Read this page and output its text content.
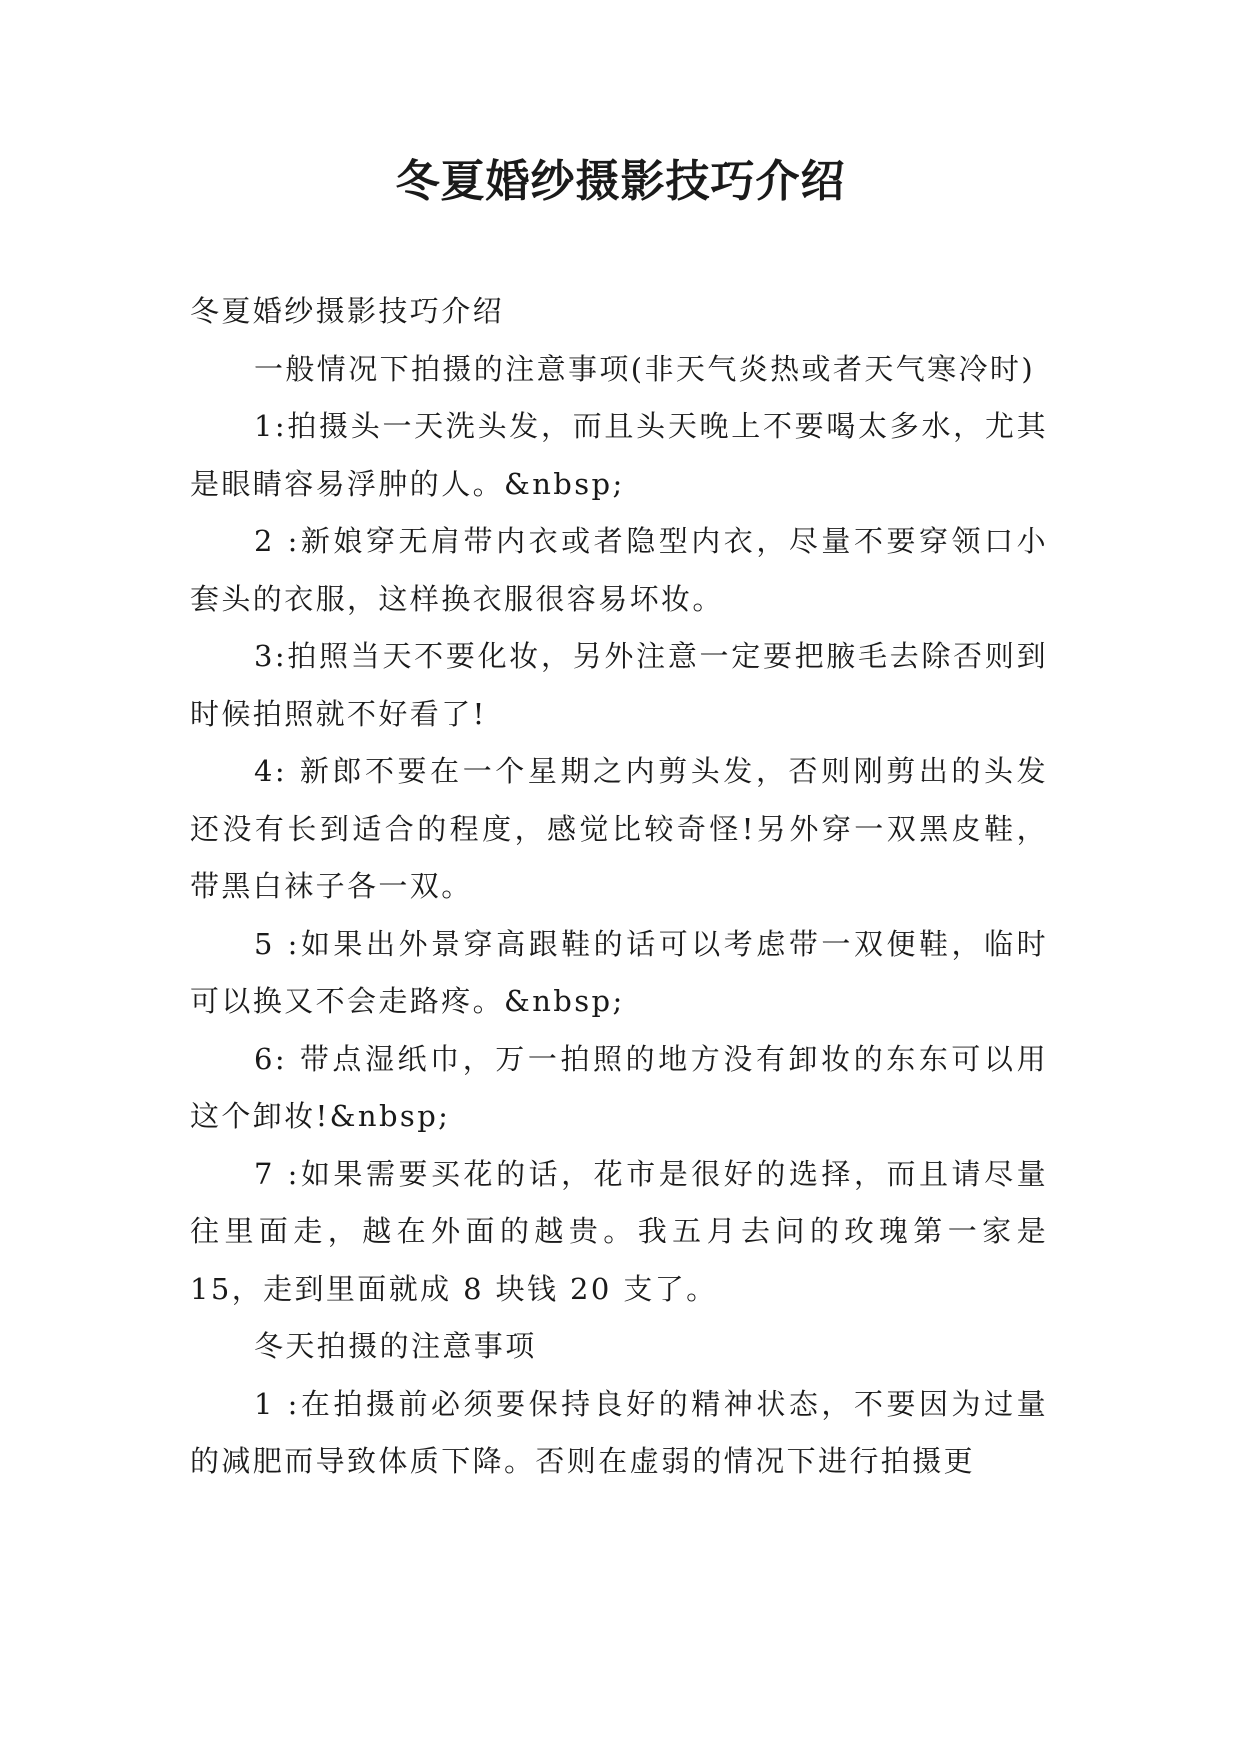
冬夏婚纱摄影技巧介绍

冬夏婚纱摄影技巧介绍

一般情况下拍摄的注意事项(非天气炎热或者天气寒冷时)

1:拍摄头一天洗头发，而且头天晚上不要喝太多水，尤其是眼睛容易浮肿的人。&nbsp;

2 :新娘穿无肩带内衣或者隐型内衣，尽量不要穿领口小套头的衣服，这样换衣服很容易坏妆。

3:拍照当天不要化妆，另外注意一定要把腋毛去除否则到时候拍照就不好看了!

4: 新郎不要在一个星期之内剪头发，否则刚剪出的头发还没有长到适合的程度，感觉比较奇怪!另外穿一双黑皮鞋，带黑白袜子各一双。

5 :如果出外景穿高跟鞋的话可以考虑带一双便鞋，临时可以换又不会走路疼。&nbsp;

6: 带点湿纸巾，万一拍照的地方没有卸妆的东东可以用这个卸妆!&nbsp;

7 :如果需要买花的话，花市是很好的选择，而且请尽量往里面走，越在外面的越贵。我五月去问的玫瑰第一家是15，走到里面就成 8 块钱 20 支了。

冬天拍摄的注意事项

1 :在拍摄前必须要保持良好的精神状态，不要因为过量的减肥而导致体质下降。否则在虚弱的情况下进行拍摄更
